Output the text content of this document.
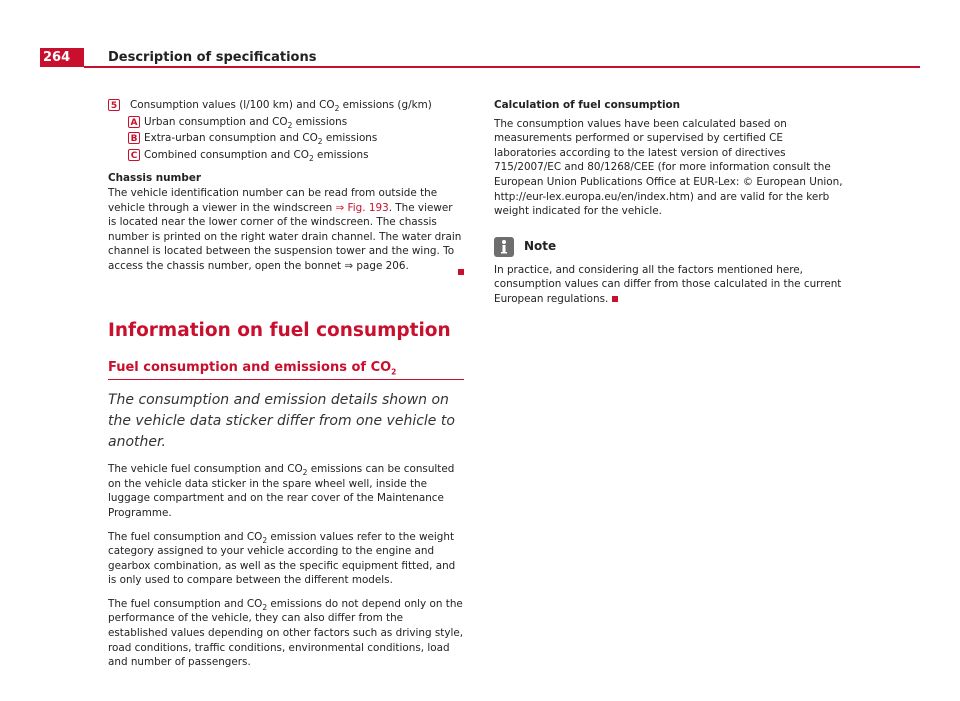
264	Description of specifications
5 Consumption values (l/100 km) and $CO_2$ emissions (g/km)
A Urban consumption and $CO_2$ emissions
B Extra-urban consumption and $CO_2$ emissions
C Combined consumption and $CO_2$ emissions

Chassis number

The vehicle identification number can be read from outside the vehicle through a viewer in the windscreen ⇒ Fig. 193. The viewer is located near the lower corner of the windscreen. The chassis number is printed on the right water drain channel. The water drain channel is located between the suspension tower and the wing. To access the chassis number, open the bonnet ⇒ page 206.

Information on fuel consumption
Fuel consumption and emissions of $CO_2$
The consumption and emission details shown on the vehicle data sticker differ from one vehicle to another.

The vehicle fuel consumption and $CO_2$ emissions can be consulted on the vehicle data sticker in the spare wheel well, inside the luggage compartment and on the rear cover of the Maintenance Programme.

The fuel consumption and $CO_2$ emission values refer to the weight category assigned to your vehicle according to the engine and gearbox combination, as well as the specific equipment fitted, and is only used to compare between the different models.

The fuel consumption and $CO_2$ emissions do not depend only on the performance of the vehicle, they can also differ from the established values depending on other factors such as driving style, road conditions, traffic conditions, environmental conditions, load and number of passengers.

Calculation of fuel consumption

The consumption values have been calculated based on measurements performed or supervised by certified CE laboratories according to the latest version of directives 715/2007/EC and 80/1268/CEE (for more information consult the European Union Publications Office at EUR-Lex: © European Union, http://eur-lex.europa.eu/en/index.htm) and are valid for the kerb weight indicated for the vehicle.

Note

In practice, and considering all the factors mentioned here, consumption values can differ from those calculated in the current European regulations.
